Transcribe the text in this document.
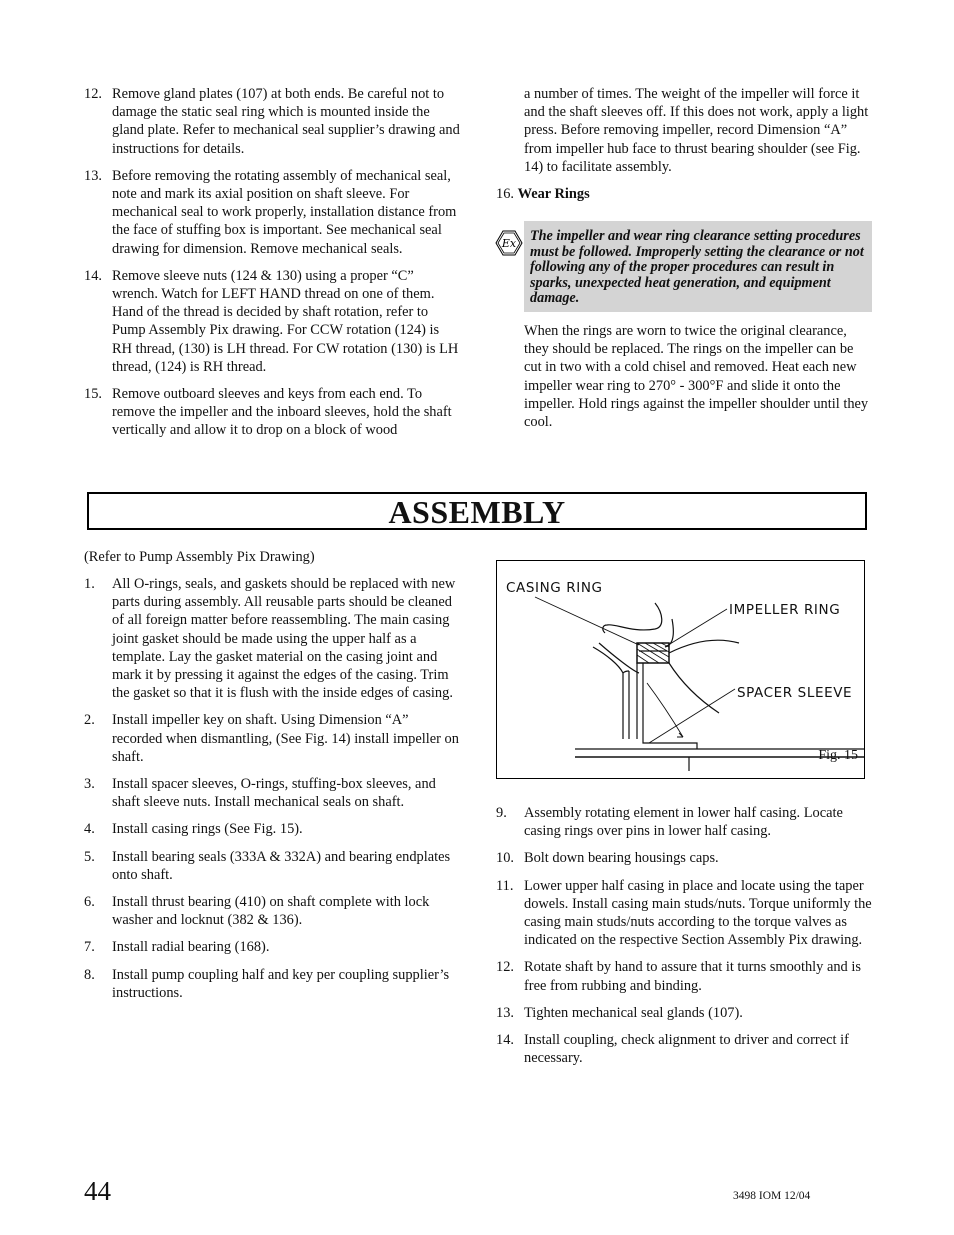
12. Remove gland plates (107) at both ends. Be careful not to damage the static seal ring which is mounted inside the gland plate. Refer to mechanical seal supplier’s drawing and instructions for details.
13. Before removing the rotating assembly of mechanical seal, note and mark its axial position on shaft sleeve. For mechanical seal to work properly, installation distance from the face of stuffing box is important. See mechanical seal drawing for dimension. Remove mechanical seals.
14. Remove sleeve nuts (124 & 130) using a proper “C” wrench. Watch for LEFT HAND thread on one of them. Hand of the thread is decided by shaft rotation, refer to Pump Assembly Pix drawing. For CCW rotation (124) is RH thread, (130) is LH thread. For CW rotation (130) is LH thread, (124) is RH thread.
15. Remove outboard sleeves and keys from each end. To remove the impeller and the inboard sleeves, hold the shaft vertically and allow it to drop on a block of wood
a number of times. The weight of the impeller will force it and the shaft sleeves off. If this does not work, apply a light press. Before removing impeller, record Dimension “A” from impeller hub face to thrust bearing shoulder (see Fig. 14) to facilitate assembly.
16. Wear Rings
Ex The impeller and wear ring clearance setting procedures must be followed. Improperly setting the clearance or not following any of the proper procedures can result in sparks, unexpected heat generation, and equipment damage.
When the rings are worn to twice the original clearance, they should be replaced. The rings on the impeller can be cut in two with a cold chisel and removed. Heat each new impeller wear ring to 270° - 300°F and slide it onto the impeller. Hold rings against the impeller shoulder until they cool.
ASSEMBLY
(Refer to Pump Assembly Pix Drawing)
1.	All O-rings, seals, and gaskets should be replaced with new parts during assembly. All reusable parts should be cleaned of all foreign matter before reassembling. The main casing joint gasket should be made using the upper half as a template. Lay the gasket material on the casing joint and mark it by pressing it against the edges of the casing. Trim the gasket so that it is flush with the inside edges of casing.
2.	Install impeller key on shaft. Using Dimension “A” recorded when dismantling, (See Fig. 14) install impeller on shaft.
3.	Install spacer sleeves, O-rings, stuffing-box sleeves, and shaft sleeve nuts. Install mechanical seals on shaft.
4.	Install casing rings (See Fig. 15).
5.	Install bearing seals (333A & 332A) and bearing endplates onto shaft.
6.	Install thrust bearing (410) on shaft complete with lock washer and locknut (382 & 136).
7.	Install radial bearing (168).
8.	Install pump coupling half and key per coupling supplier’s instructions.
CASING RING
IMPELLER RING
SPACER SLEEVE
Fig. 15
9.	Assembly rotating element in lower half casing. Locate casing rings over pins in lower half casing.
10. Bolt down bearing housings caps.
11. Lower upper half casing in place and locate using the taper dowels. Install casing main studs/nuts. Torque uniformly the casing main studs/nuts according to the torque valves as indicated on the respective Section Assembly Pix drawing.
12. Rotate shaft by hand to assure that it turns smoothly and is free from rubbing and binding.
13. Tighten mechanical seal glands (107).
14. Install coupling, check alignment to driver and correct if necessary.
44	3498 IOM 12/04
